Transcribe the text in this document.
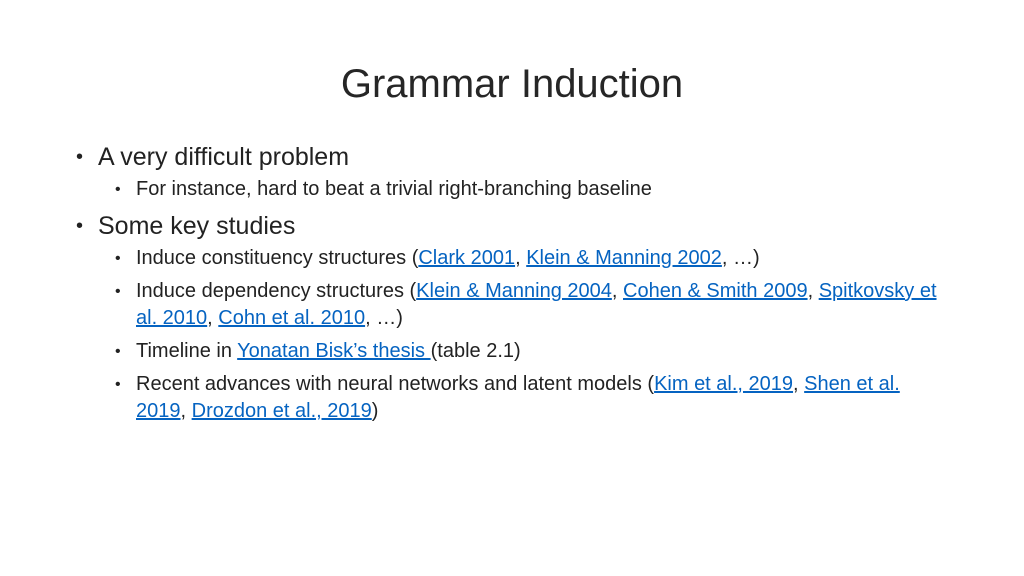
Grammar Induction
• A very difficult problem
• For instance, hard to beat a trivial right-branching baseline
• Some key studies
• Induce constituency structures (Clark 2001, Klein & Manning 2002, …)
• Induce dependency structures (Klein & Manning 2004, Cohen & Smith 2009, Spitkovsky et al. 2010, Cohn et al. 2010, …)
• Timeline in Yonatan Bisk’s thesis (table 2.1)
• Recent advances with neural networks and latent models (Kim et al., 2019, Shen et al. 2019, Drozdon et al., 2019)
